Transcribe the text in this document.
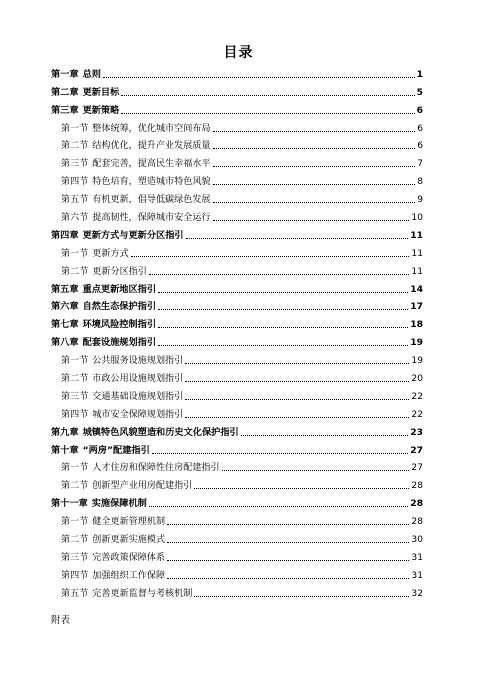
目录
第一章 总则	1
第二章 更新目标	5
第三章 更新策略	6
第一节 整体统筹，优化城市空间布局	6
第二节 结构优化，提升产业发展质量	6
第三节 配套完善，提高民生幸福水平	7
第四节 特色培育，塑造城市特色风貌	8
第五节 有机更新，倡导低碳绿色发展	9
第六节 提高韧性，保障城市安全运行	10
第四章 更新方式与更新分区指引	11
第一节 更新方式	11
第二节 更新分区指引	11
第五章 重点更新地区指引	14
第六章 自然生态保护指引	17
第七章 环境风险控制指引	18
第八章 配套设施规划指引	19
第一节 公共服务设施规划指引	19
第二节 市政公用设施规划指引	20
第三节 交通基础设施规划指引	22
第四节 城市安全保障规划指引	22
第九章 城镇特色风貌塑造和历史文化保护指引	23
第十章 “两房”配建指引	27
第一节 人才住房和保障性住房配建指引	27
第二节 创新型产业用房配建指引	28
第十一章 实施保障机制	28
第一节 健全更新管理机制	28
第二节 创新更新实施模式	30
第三节 完善政策保障体系	31
第四节 加强组织工作保障	31
第五节 完善更新监督与考核机制	32
附表
